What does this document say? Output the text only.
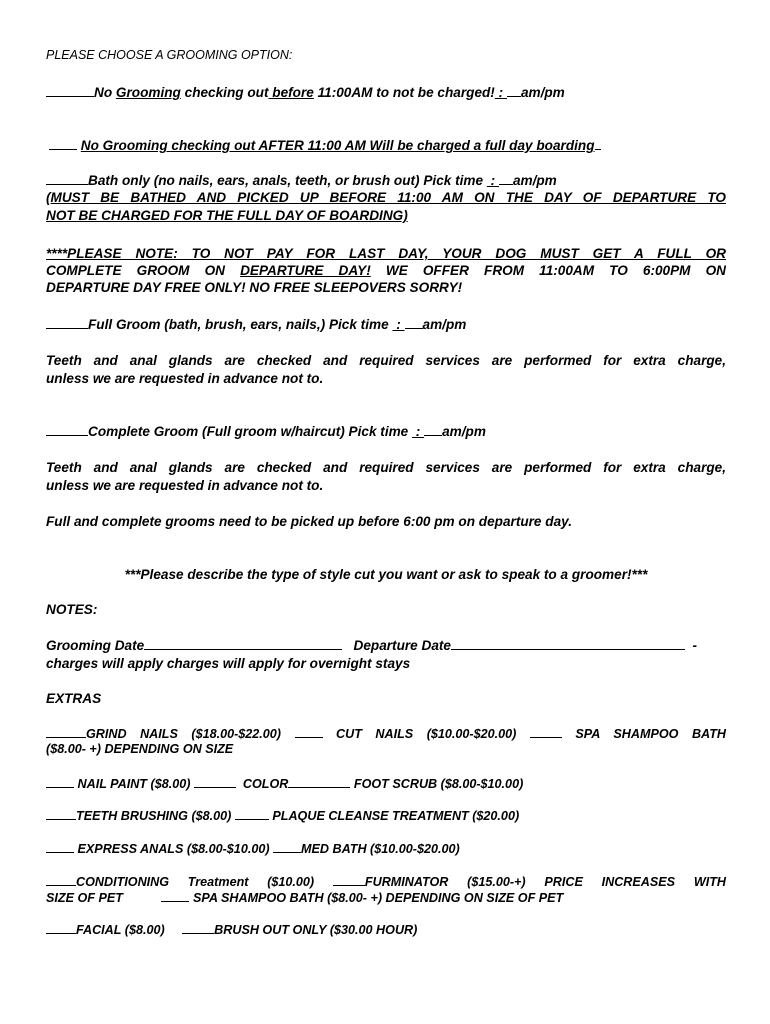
PLEASE CHOOSE A GROOMING OPTION:
No Grooming checking out before 11:00AM to not be charged! : am/pm
No Grooming checking out AFTER 11:00 AM Will be charged a full day boarding
Bath only (no nails, ears, anals, teeth, or brush out) Pick time  : am/pm
(MUST BE BATHED AND PICKED UP BEFORE 11:00 AM ON THE DAY OF DEPARTURE TO
NOT BE CHARGED FOR THE FULL DAY OF BOARDING)
****PLEASE NOTE: TO NOT PAY FOR LAST DAY, YOUR DOG MUST GET A FULL OR
COMPLETE GROOM ON DEPARTURE DAY! WE OFFER FROM 11:00AM TO 6:00PM ON
DEPARTURE DAY FREE ONLY! NO FREE SLEEPOVERS SORRY!
Full Groom (bath, brush, ears, nails,) Pick time  : am/pm
Teeth and anal glands are checked and required services are performed for extra charge,
unless we are requested in advance not to.
Complete Groom (Full groom w/haircut) Pick time  : am/pm
Teeth and anal glands are checked and required services are performed for extra charge,
unless we are requested in advance not to.
Full and complete grooms need to be picked up before 6:00 pm on departure day.
***Please describe the type of style cut you want or ask to speak to a groomer!***
NOTES:
Grooming Date	Departure Date	-
charges will apply charges will apply for overnight stays
EXTRAS
GRIND NAILS ($18.00-$22.00)	CUT NAILS ($10.00-$20.00)	SPA SHAMPOO BATH
($8.00- +) DEPENDING ON SIZE
NAIL PAINT ($8.00)	COLOR	FOOT SCRUB ($8.00-$10.00)
TEETH BRUSHING ($8.00)	PLAQUE CLEANSE TREATMENT ($20.00)
EXPRESS ANALS ($8.00-$10.00)	MED BATH ($10.00-$20.00)
CONDITIONING Treatment ($10.00)	FURMINATOR ($15.00-+) PRICE INCREASES WITH
SIZE OF PET	SPA SHAMPOO BATH ($8.00- +) DEPENDING ON SIZE OF PET
FACIAL ($8.00)	BRUSH OUT ONLY ($30.00 HOUR)
